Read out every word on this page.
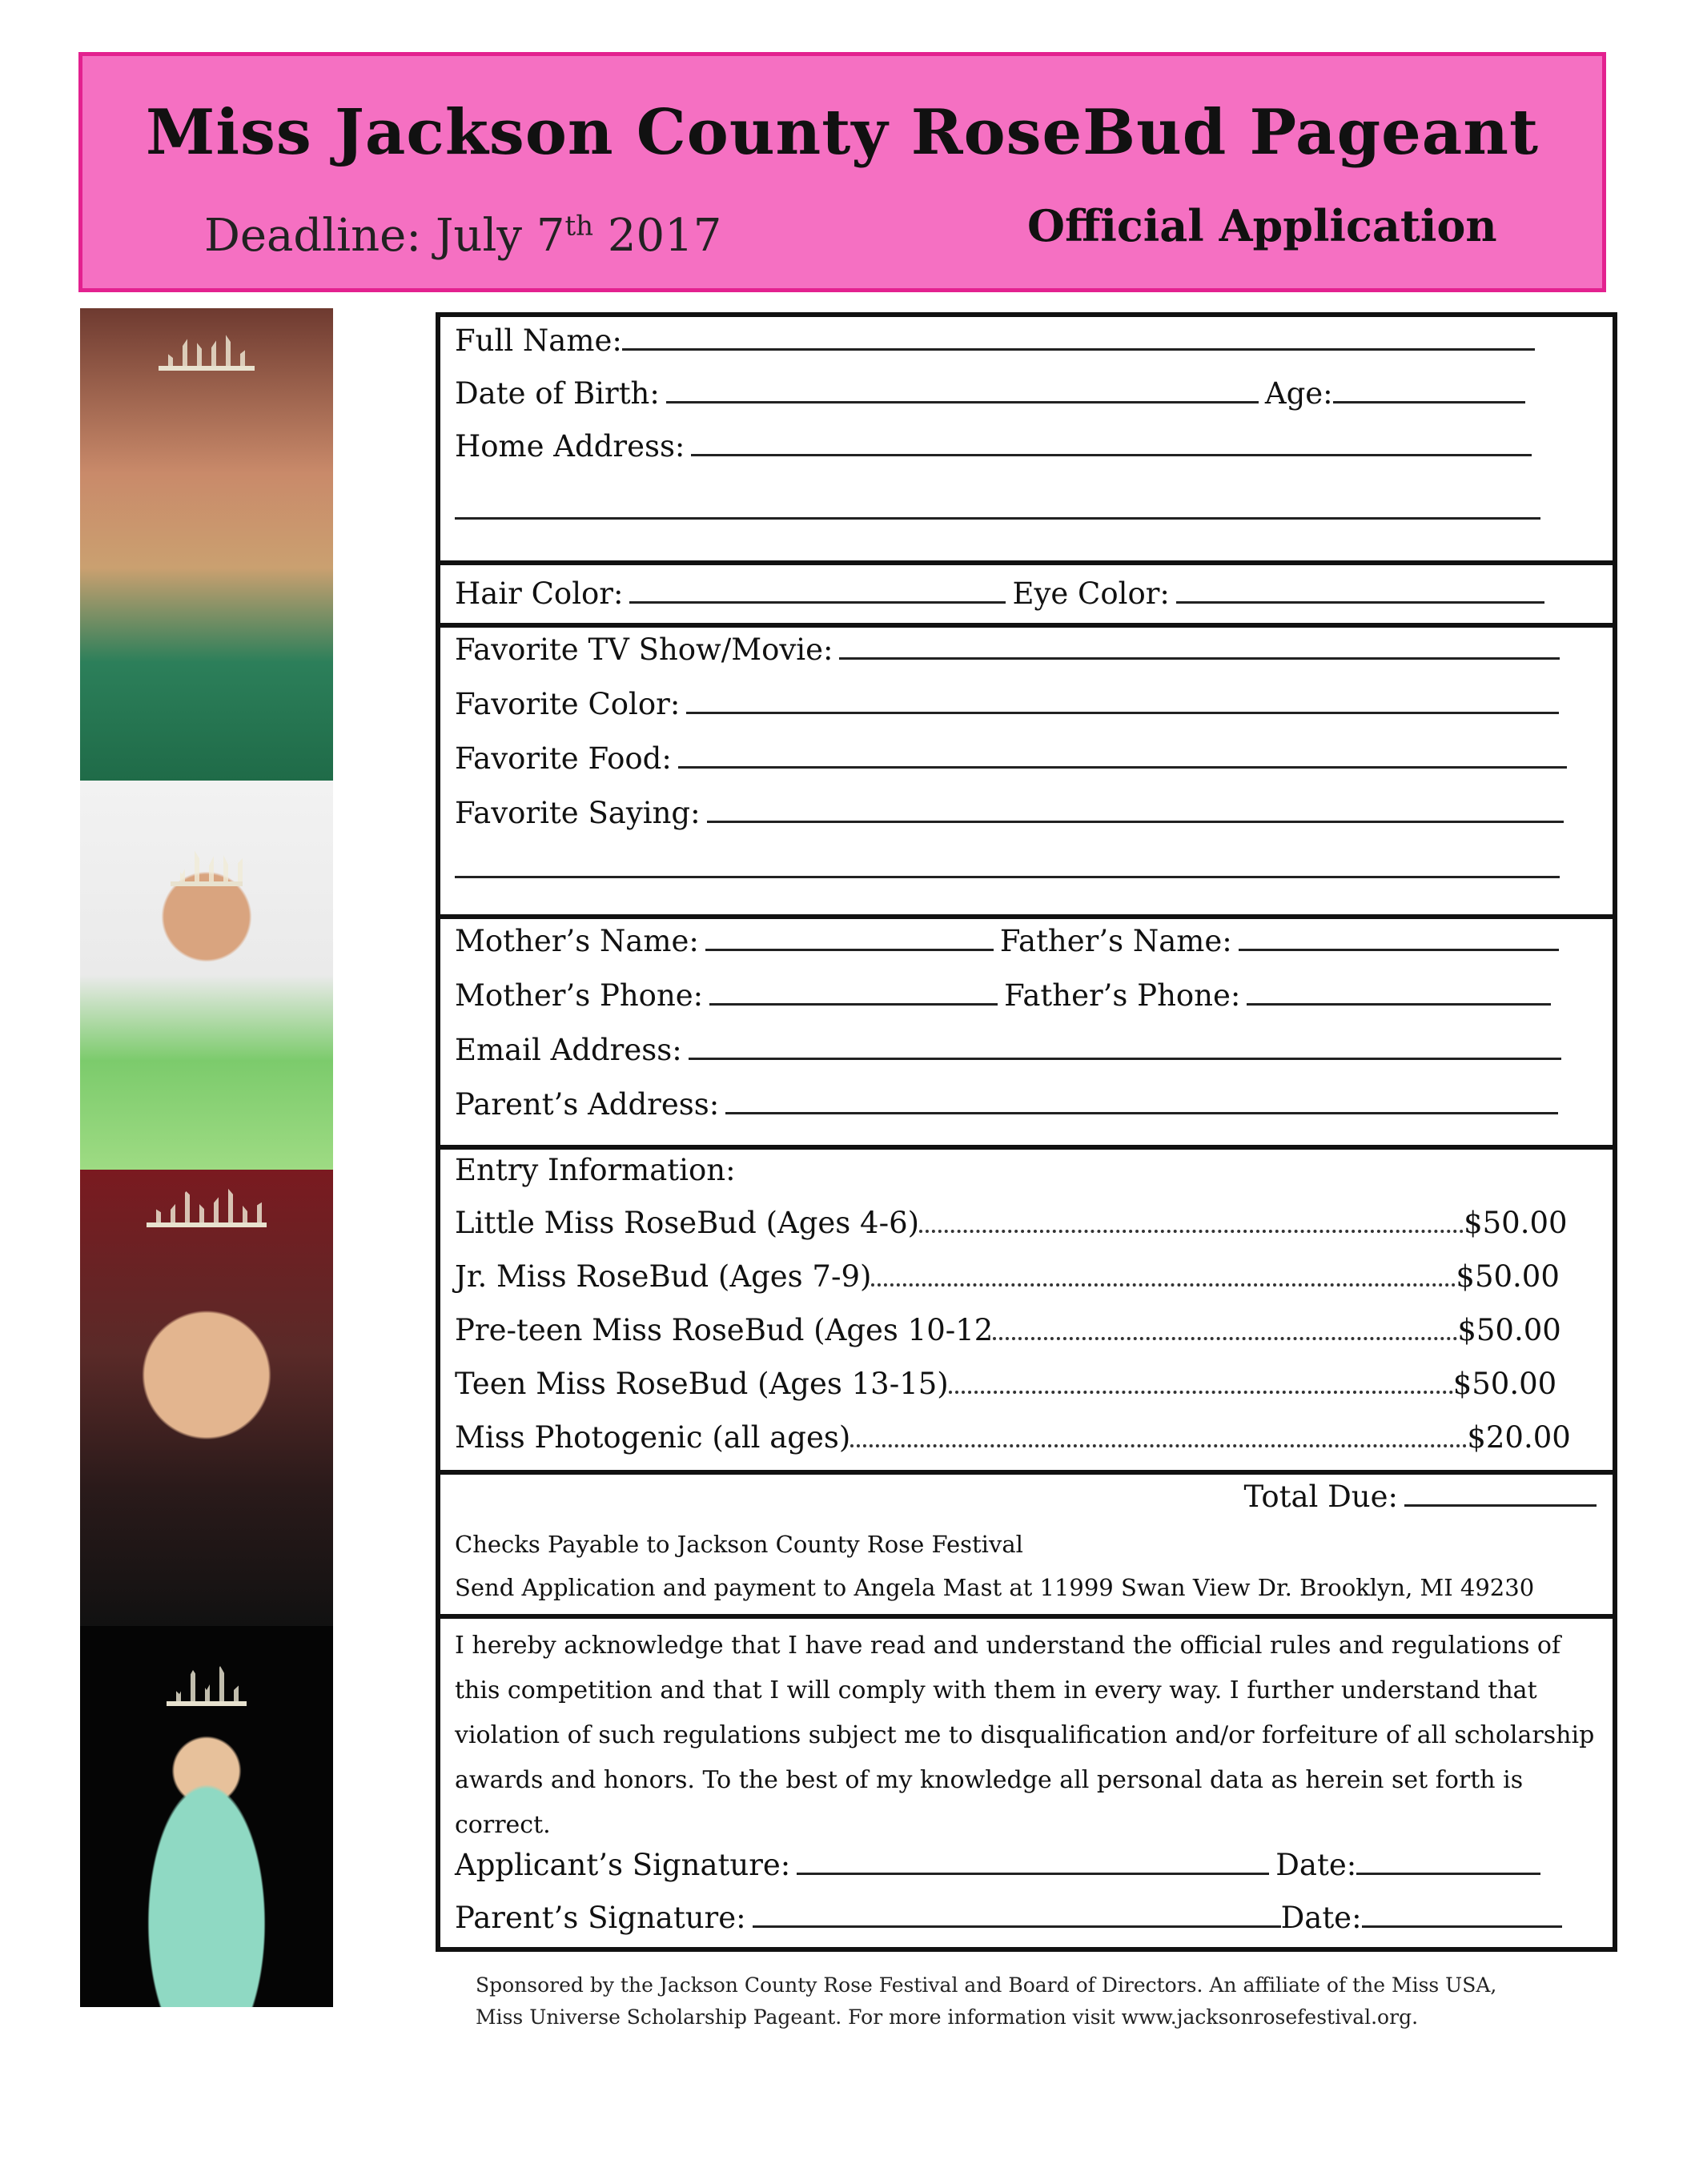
Miss Jackson County RoseBud Pageant
Deadline: July 7th 2017	Official Application
Full Name:
Date of Birth:	Age:
Home Address:
Hair Color:	Eye Color:
Favorite TV Show/Movie:
Favorite Color:
Favorite Food:
Favorite Saying:
Mother’s Name:	Father’s Name:
Mother’s Phone:	Father’s Phone:
Email Address:
Parent’s Address:
Entry Information:
Little Miss RoseBud (Ages 4-6)	$50.00
Jr. Miss RoseBud (Ages 7-9)	$50.00
Pre-teen Miss RoseBud (Ages 10-12	$50.00
Teen Miss RoseBud (Ages 13-15)	$50.00
Miss Photogenic (all ages)	$20.00
Total Due:
Checks Payable to Jackson County Rose Festival
Send Application and payment to Angela Mast at 11999 Swan View Dr. Brooklyn, MI 49230
I hereby acknowledge that I have read and understand the official rules and regulations of this competition and that I will comply with them in every way. I further understand that violation of such regulations subject me to disqualification and/or forfeiture of all scholarship awards and honors. To the best of my knowledge all personal data as herein set forth is correct.
Applicant’s Signature:	Date:
Parent’s Signature:	Date:
Sponsored by the Jackson County Rose Festival and Board of Directors. An affiliate of the Miss USA,
Miss Universe Scholarship Pageant. For more information visit www.jacksonrosefestival.org.
